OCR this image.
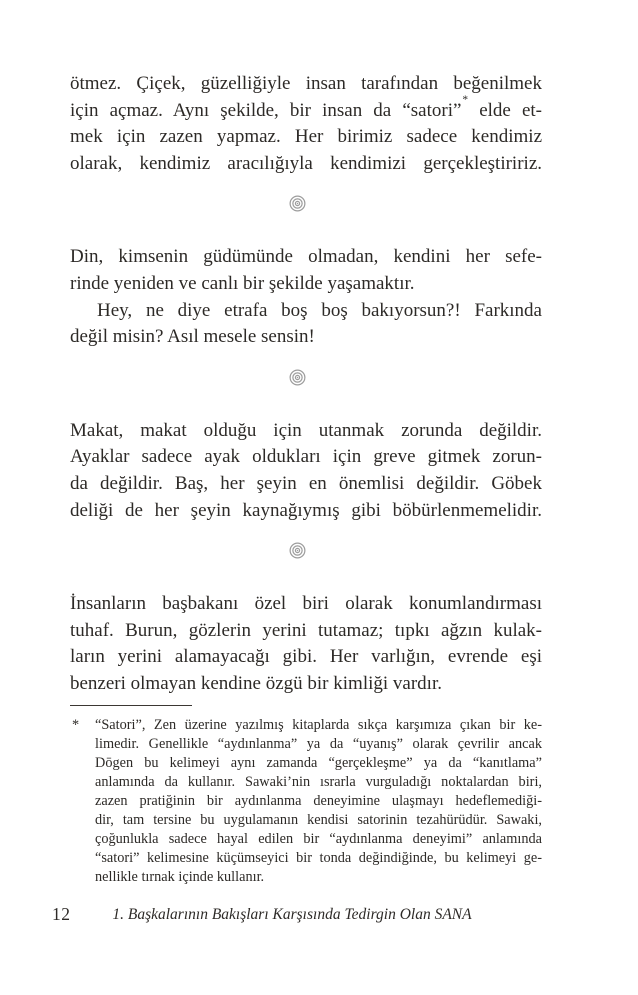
ötmez. Çiçek, güzelliğiyle insan tarafından beğenilmek
için açmaz. Aynı şekilde, bir insan da “satori”* elde et-
mek için zazen yapmaz. Her birimiz sadece kendimiz
olarak, kendimiz aracılığıyla kendimizi gerçekleştiririz.
Din, kimsenin güdümünde olmadan, kendini her sefe-
rinde yeniden ve canlı bir şekilde yaşamaktır.
Hey, ne diye etrafa boş boş bakıyorsun?! Farkında
değil misin? Asıl mesele sensin!
Makat, makat olduğu için utanmak zorunda değildir.
Ayaklar sadece ayak oldukları için greve gitmek zorun-
da değildir. Baş, her şeyin en önemlisi değildir. Göbek
deliği de her şeyin kaynağıymış gibi böbürlenmemelidir.
İnsanların başbakanı özel biri olarak konumlandırması
tuhaf. Burun, gözlerin yerini tutamaz; tıpkı ağzın kulak-
ların yerini alamayacağı gibi. Her varlığın, evrende eşi
benzeri olmayan kendine özgü bir kimliği vardır.
* “Satori”, Zen üzerine yazılmış kitaplarda sıkça karşımıza çıkan bir ke-
limedir. Genellikle “aydınlanma” ya da “uyanış” olarak çevrilir ancak
Dōgen bu kelimeyi aynı zamanda “gerçekleşme” ya da “kanıtlama”
anlamında da kullanır. Sawaki’nin ısrarla vurguladığı noktalardan biri,
zazen pratiğinin bir aydınlanma deneyimine ulaşmayı hedeflemediği-
dir, tam tersine bu uygulamanın kendisi satorinin tezahürüdür. Sawaki,
çoğunlukla sadece hayal edilen bir “aydınlanma deneyimi” anlamında
“satori” kelimesine küçümseyici bir tonda değindiğinde, bu kelimeyi ge-
nellikle tırnak içinde kullanır.
12	1. Başkalarının Bakışları Karşısında Tedirgin Olan SANA
